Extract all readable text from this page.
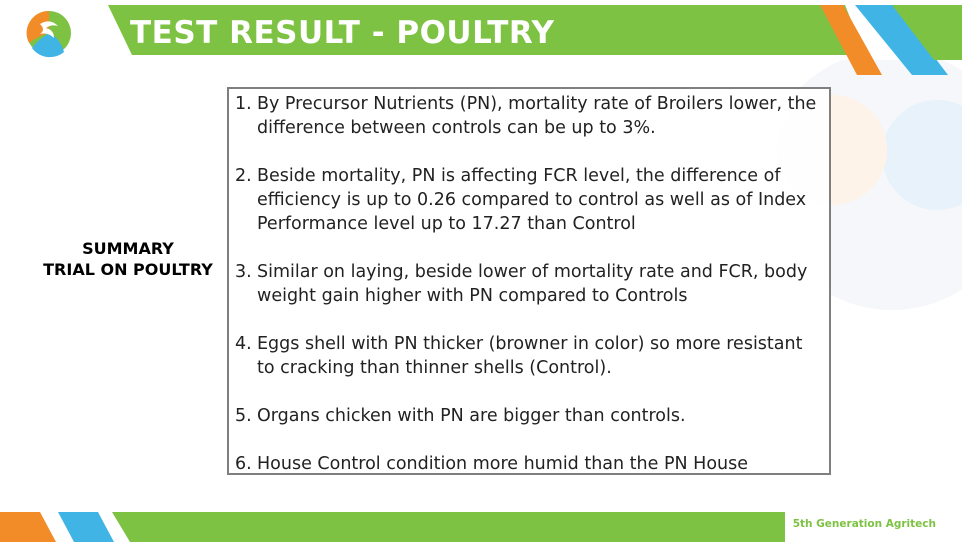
TEST RESULT - POULTRY
SUMMARY
TRIAL ON POULTRY
1. By Precursor Nutrients (PN), mortality rate of Broilers lower, the difference between controls can be up to 3%.
2. Beside mortality, PN is affecting FCR level, the difference of efficiency is up to 0.26 compared to control as well as of Index Performance level up to 17.27 than Control
3. Similar on laying, beside lower of mortality rate and FCR, body weight gain higher with PN compared to Controls
4. Eggs shell with PN thicker (browner in color) so more resistant to cracking than thinner shells (Control).
5. Organs chicken with PN are bigger than controls.
6. House Control condition more humid than the PN House
5th Generation Agritech
